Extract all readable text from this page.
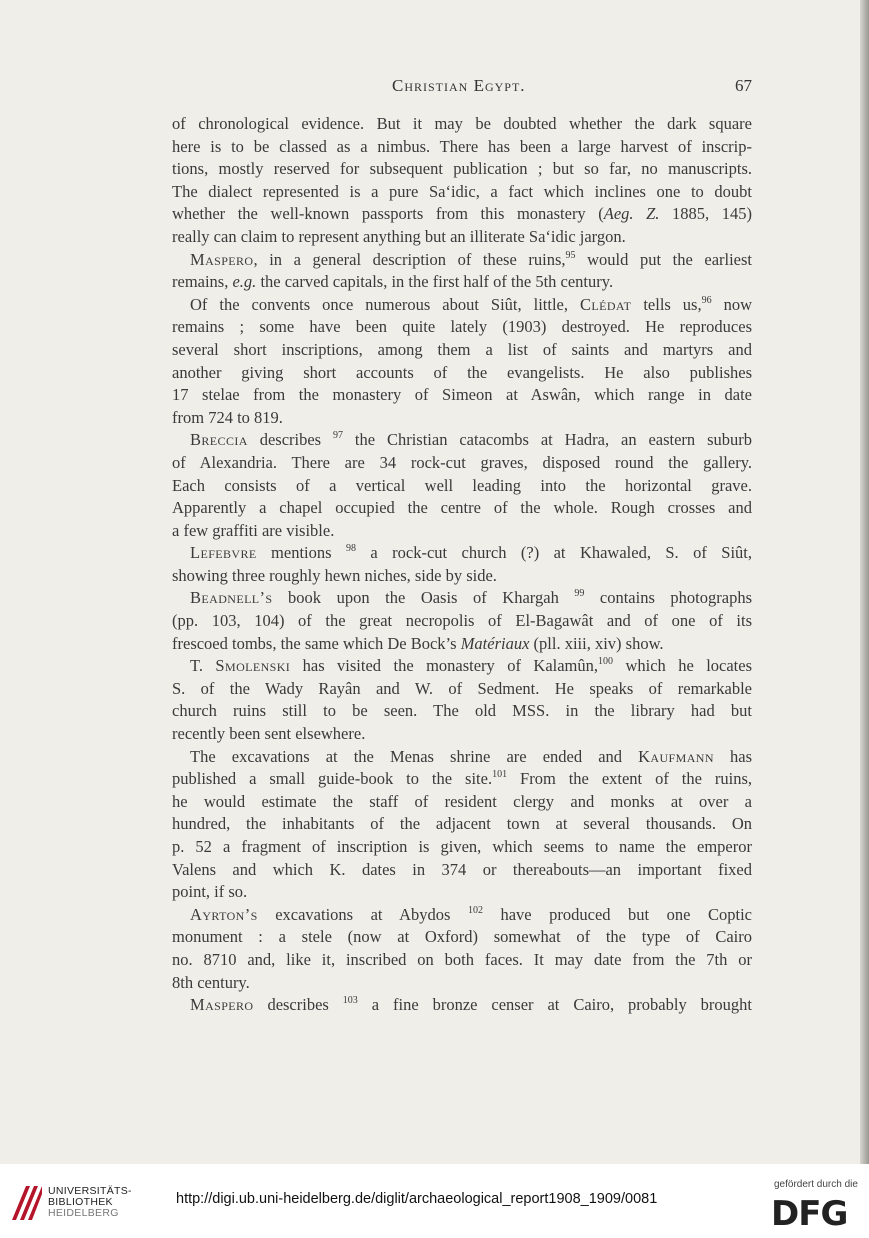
Christian Egypt.	67
of chronological evidence. But it may be doubted whether the dark square
here is to be classed as a nimbus. There has been a large harvest of inscrip-
tions, mostly reserved for subsequent publication ; but so far, no manuscripts.
The dialect represented is a pure Sa‘idic, a fact which inclines one to doubt
whether the well-known passports from this monastery (Aeg. Z. 1885, 145)
really can claim to represent anything but an illiterate Sa‘idic jargon.
Maspero, in a general description of these ruins,$^{95}$ would put the earliest
remains, e.g. the carved capitals, in the first half of the 5th century.
Of the convents once numerous about Siût, little, Clédat tells us,$^{96}$ now
remains ; some have been quite lately (1903) destroyed. He reproduces
several short inscriptions, among them a list of saints and martyrs and
another giving short accounts of the evangelists. He also publishes
17 stelae from the monastery of Simeon at Aswân, which range in date
from 724 to 819.
Breccia describes $^{97}$ the Christian catacombs at Hadra, an eastern suburb
of Alexandria. There are 34 rock-cut graves, disposed round the gallery.
Each consists of a vertical well leading into the horizontal grave.
Apparently a chapel occupied the centre of the whole. Rough crosses and
a few graffiti are visible.
Lefebvre mentions $^{98}$ a rock-cut church (?) at Khawaled, S. of Siût,
showing three roughly hewn niches, side by side.
Beadnell’s book upon the Oasis of Khargah $^{99}$ contains photographs
(pp. 103, 104) of the great necropolis of El-Bagawât and of one of its
frescoed tombs, the same which De Bock’s Matériaux (pll. xiii, xiv) show.
T. Smolenski has visited the monastery of Kalamûn,$^{100}$ which he locates
S. of the Wady Rayân and W. of Sedment. He speaks of remarkable
church ruins still to be seen. The old MSS. in the library had but
recently been sent elsewhere.
The excavations at the Menas shrine are ended and Kaufmann has
published a small guide-book to the site.$^{101}$ From the extent of the ruins,
he would estimate the staff of resident clergy and monks at over a
hundred, the inhabitants of the adjacent town at several thousands. On
p. 52 a fragment of inscription is given, which seems to name the emperor
Valens and which K. dates in 374 or thereabouts—an important fixed
point, if so.
Ayrton’s excavations at Abydos $^{102}$ have produced but one Coptic
monument : a stele (now at Oxford) somewhat of the type of Cairo
no. 8710 and, like it, inscribed on both faces. It may date from the 7th or
8th century.
Maspero describes $^{103}$ a fine bronze censer at Cairo, probably brought
UNIVERSITÄTS-
BIBLIOTHEK
HEIDELBERG
http://digi.ub.uni-heidelberg.de/diglit/archaeological_report1908_1909/0081
gefördert durch die
DFG
